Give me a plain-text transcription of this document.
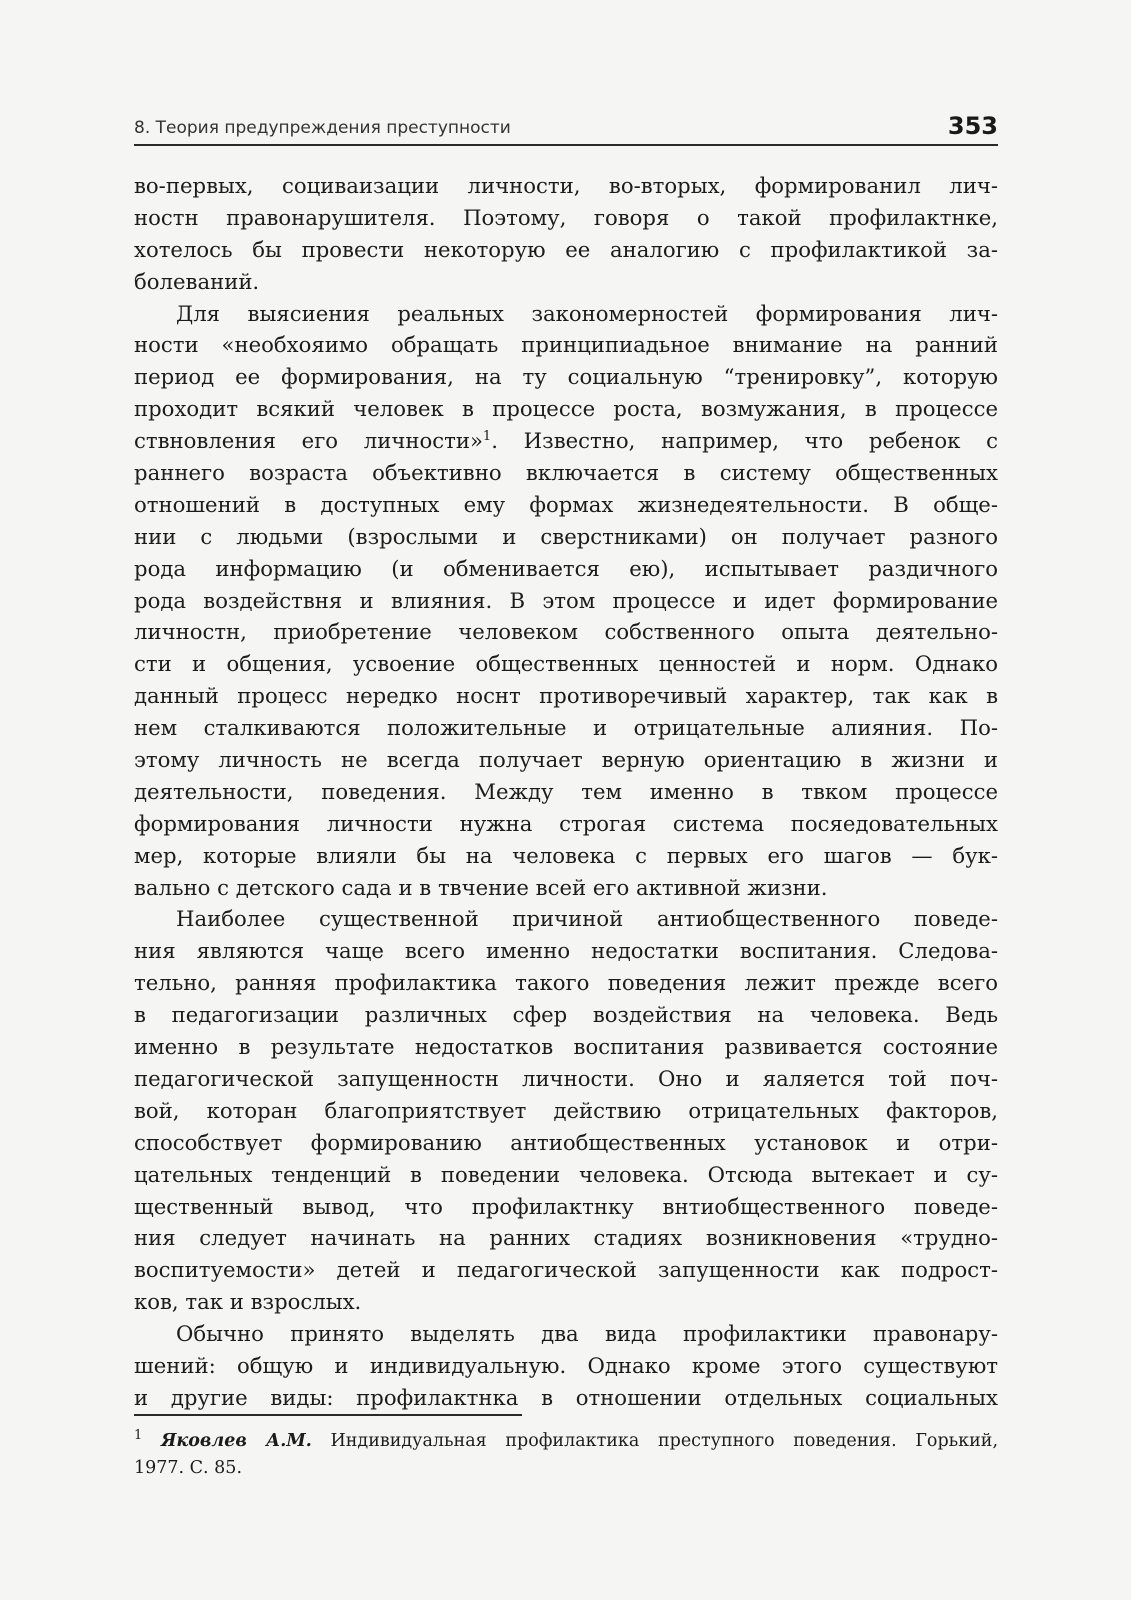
8. Теория предупреждения преступности	353
во-первых, социваизации личности, во-вторых, формированил лич-
ностн правонарушителя. Поэтому, говоря о такой профилактнке,
хотелось бы провести некоторую ее аналогию с профилактикой за-
болеваний.
Для выясиения реальных закономерностей формирования лич-
ности «необхояимо обращать принципиадьное внимание на ранний
период ее формирования, на ту социальную “тренировку”, которую
проходит всякий человек в процессе роста, возмужания, в процессе
ствновления его личности»$^1$. Известно, например, что ребенок с
раннего возраста объективно включается в систему общественных
отношений в доступных ему формах жизнедеятельности. В обще-
нии с людьми (взрослыми и сверстниками) он получает разного
рода информацию (и обменивается ею), испытывает раздичного
рода воздействня и влияния. В этом процессе и идет формирование
личностн, приобретение человеком собственного опыта деятельно-
сти и общения, усвоение общественных ценностей и норм. Однако
данный процесс нередко носнт противоречивый характер, так как в
нем сталкиваются положительные и отрицательные алияния. По-
этому личность не всегда получает верную ориентацию в жизни и
деятельности, поведения. Между тем именно в твком процессе
формирования личности нужна строгая система посяедовательных
мер, которые влияли бы на человека с первых его шагов — бук-
вально с детского сада и в твчение всей его активной жизни.
Наиболее существенной причиной антиобщественного поведе-
ния являются чаще всего именно недостатки воспитания. Следова-
тельно, ранняя профилактика такого поведения лежит прежде всего
в педагогизации различных сфер воздействия на человека. Ведь
именно в результате недостатков воспитания развивается состояние
педагогической запущенностн личности. Оно и яаляется той поч-
вой, которан благоприятствует действию отрицательных факторов,
способствует формированию антиобщественных установок и отри-
цательных тенденций в поведении человека. Отсюда вытекает и су-
щественный вывод, что профилактнку внтиобщественного поведе-
ния следует начинать на ранних стадиях возникновения «трудно-
воспитуемости» детей и педагогической запущенности как подрост-
ков, так и взрослых.
Обычно принято выделять два вида профилактики правонару-
шений: общую и индивидуальную. Однако кроме этого существуют
и другие виды: профилактнка в отношении отдельных социальных
$^1$ Яковлев А.М. Индивидуальная профилактика преступного поведения. Горький,
1977. С. 85.
